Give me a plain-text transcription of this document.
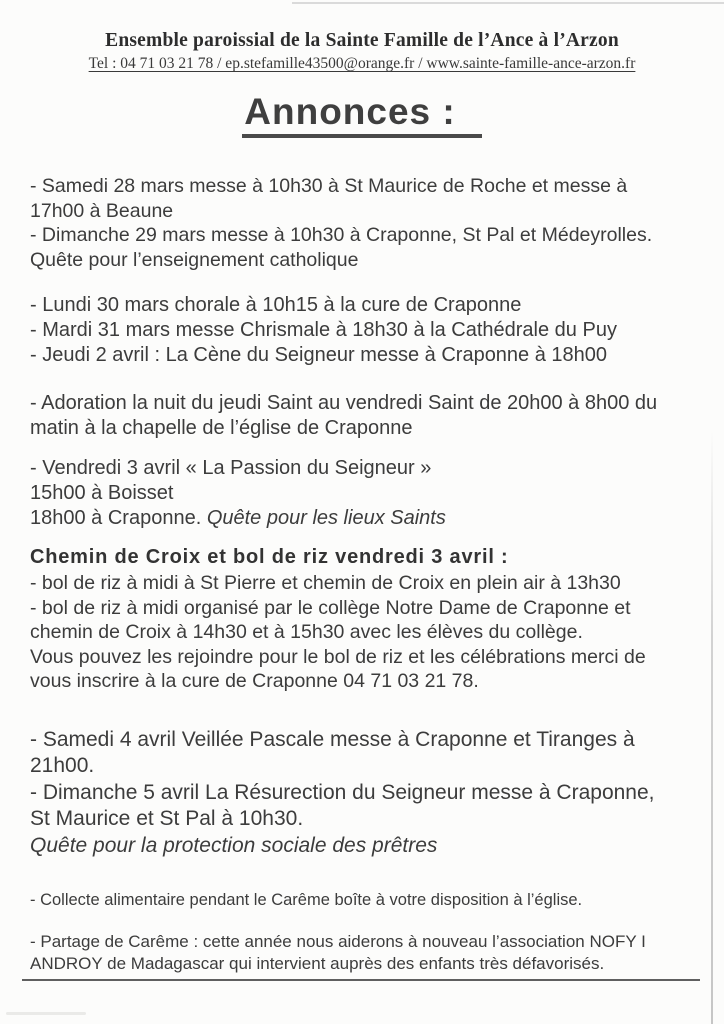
Ensemble paroissial de la Sainte Famille de l’Ance à l’Arzon
Tel : 04 71 03 21 78 / ep.stefamille43500@orange.fr / www.sainte-famille-ance-arzon.fr
Annonces :
- Samedi 28 mars messe à 10h30 à St Maurice de Roche et messe à
17h00 à Beaune
- Dimanche 29 mars messe à 10h30 à Craponne, St Pal et Médeyrolles.
Quête pour l’enseignement catholique
- Lundi 30 mars chorale à 10h15 à la cure de Craponne
- Mardi 31 mars messe Chrismale à 18h30 à la Cathédrale du Puy
- Jeudi 2 avril : La Cène du Seigneur messe à Craponne à 18h00
- Adoration la nuit du jeudi Saint au vendredi Saint de 20h00 à 8h00 du
matin à la chapelle de l’église de Craponne
- Vendredi 3 avril « La Passion du Seigneur »
15h00 à Boisset
18h00 à Craponne. Quête pour les lieux Saints
Chemin de Croix et bol de riz vendredi 3 avril :
- bol de riz à midi à St Pierre et chemin de Croix en plein air à 13h30
- bol de riz à midi organisé par le collège Notre Dame de Craponne et
chemin de Croix à 14h30 et à 15h30 avec les élèves du collège.
Vous pouvez les rejoindre pour le bol de riz et les célébrations merci de
vous inscrire à la cure de Craponne 04 71 03 21 78.
- Samedi 4 avril Veillée Pascale messe à Craponne et Tiranges à
21h00.
- Dimanche 5 avril La Résurection du Seigneur messe à Craponne,
St Maurice et St Pal à 10h30.
Quête pour la protection sociale des prêtres
- Collecte alimentaire pendant le Carême boîte à votre disposition à l’église.
- Partage de Carême : cette année nous aiderons à nouveau l’association NOFY I
ANDROY de Madagascar qui intervient auprès des enfants très défavorisés.
